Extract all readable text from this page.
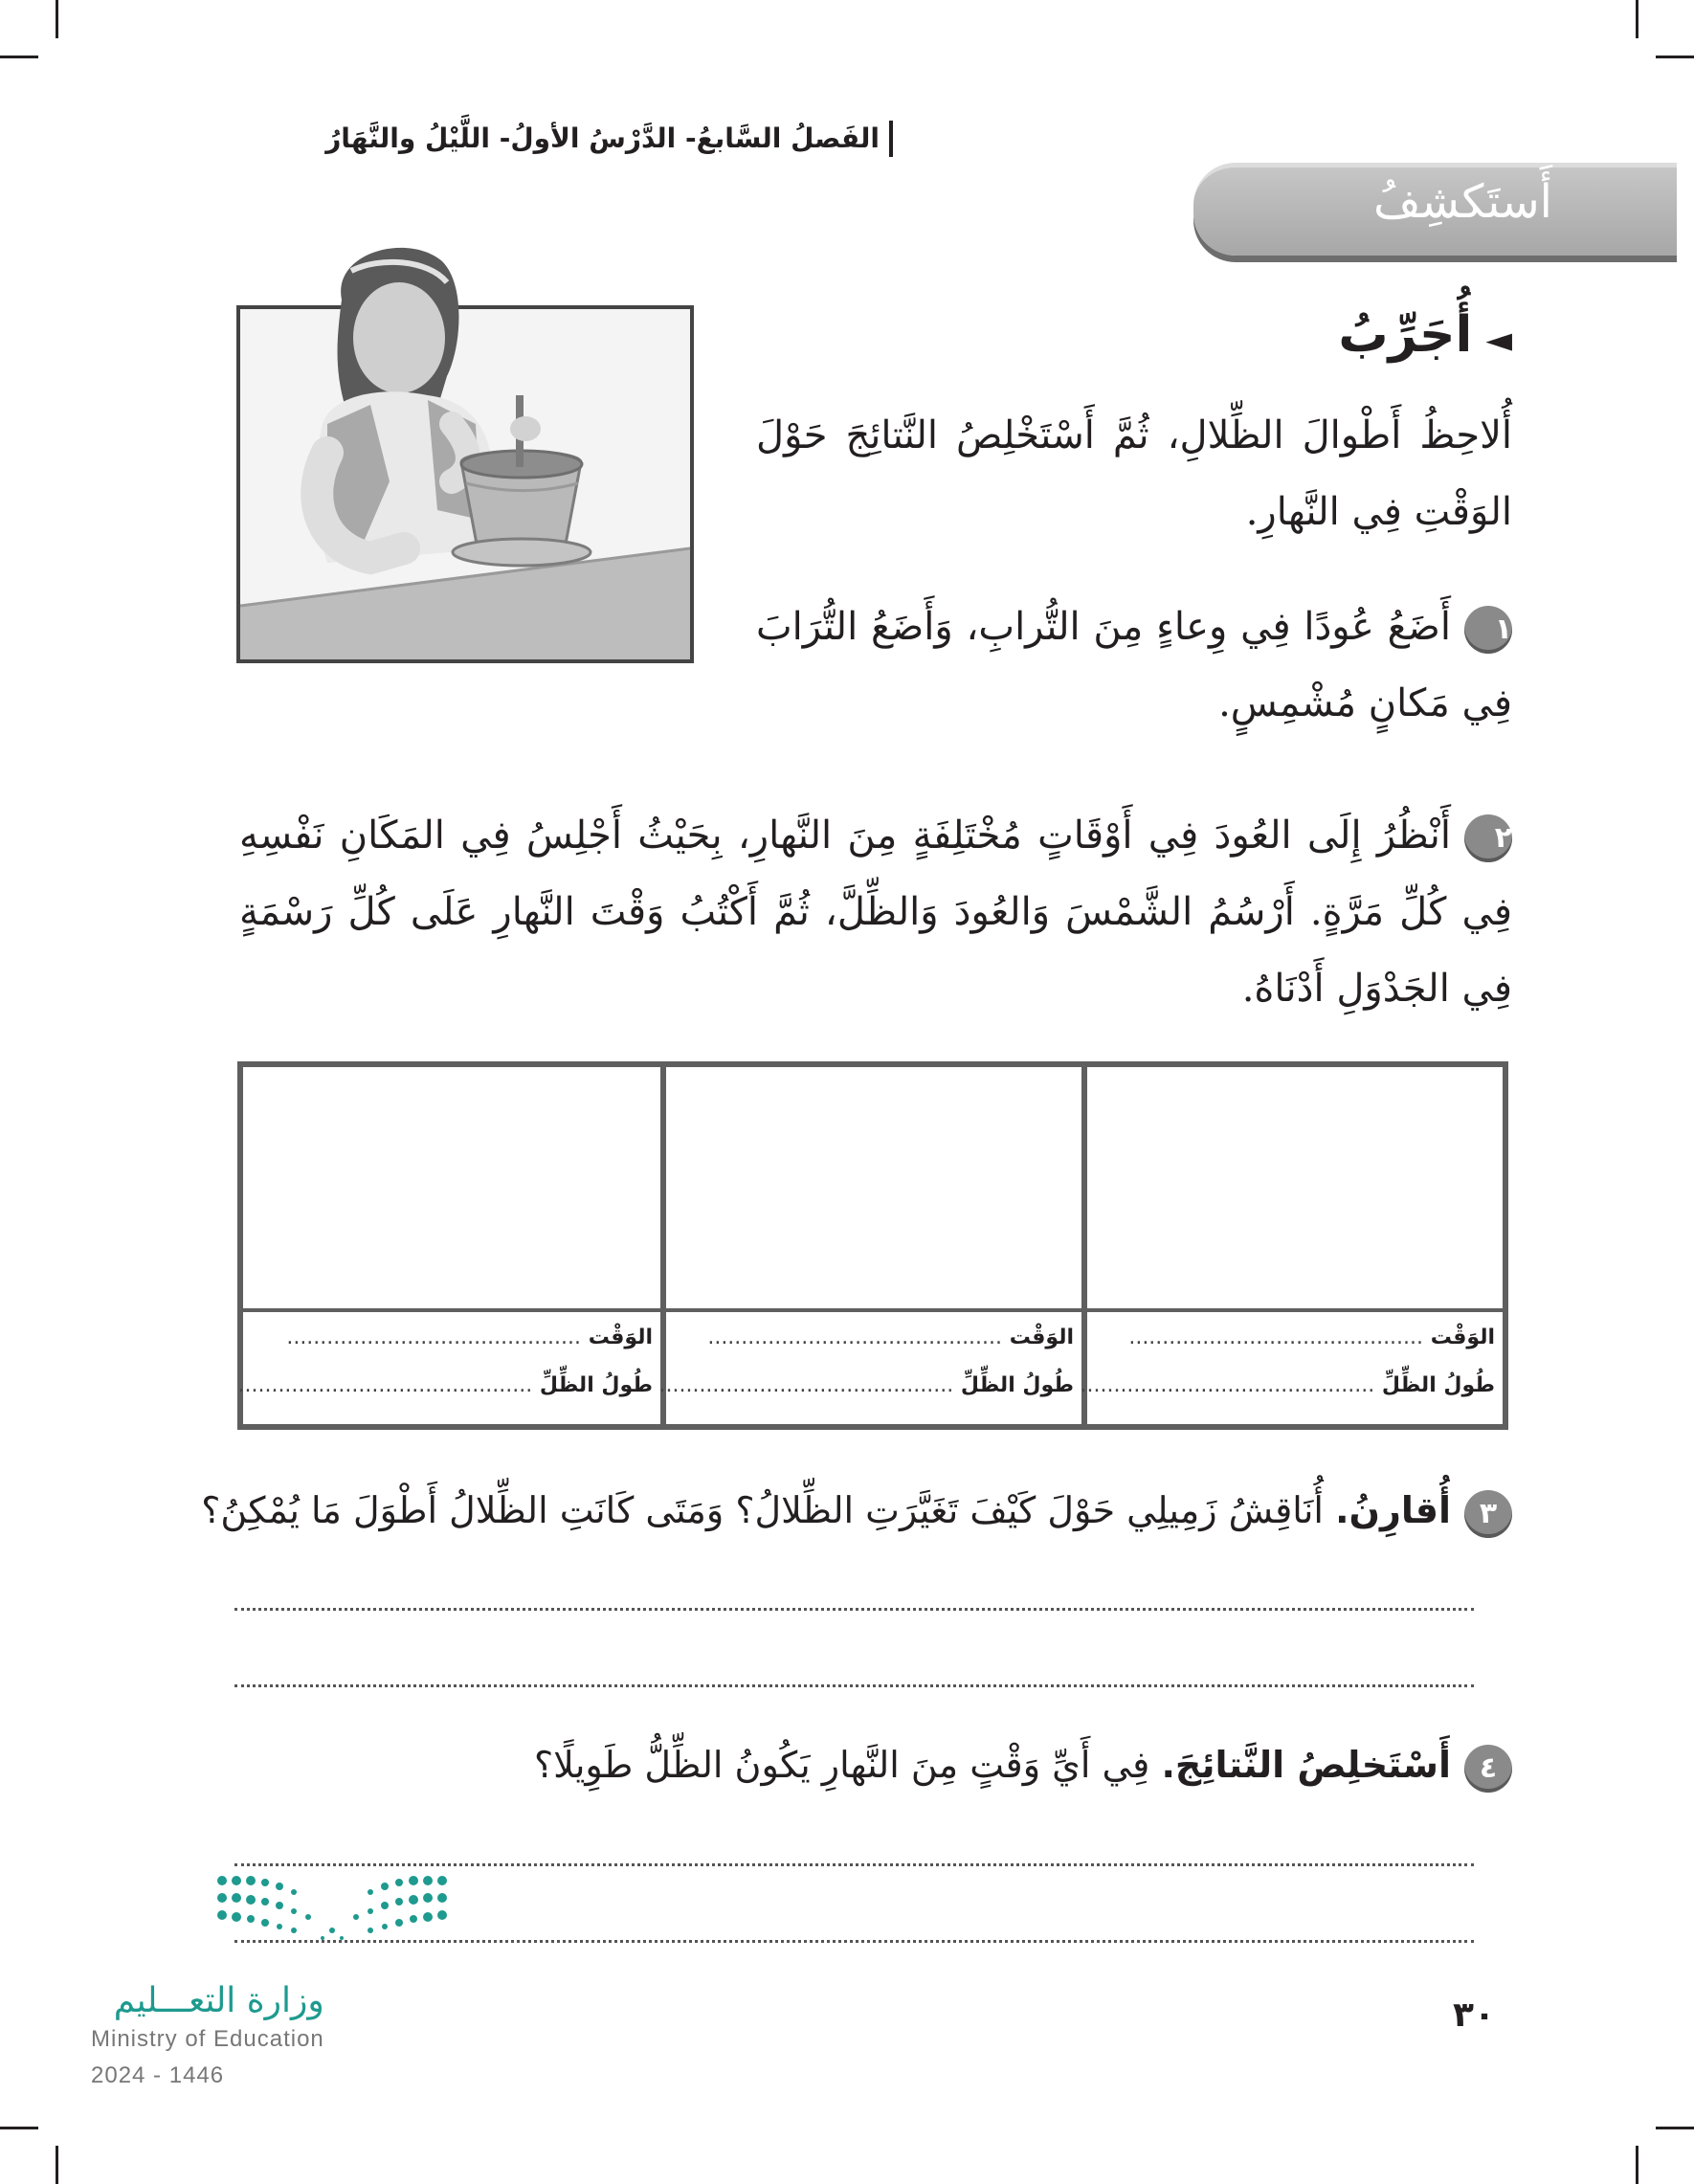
الفَصلُ السَّابعُ- الدَّرْسُ الأولُ- اللَّيْلُ والنَّهَارُ
أَستَكشِفُ
◄أُجَرِّبُ
أُلاحِظُ أَطْوالَ الظِّلالِ، ثُمَّ أَسْتَخْلِصُ النَّتائِجَ حَوْلَ الوَقْتِ فِي النَّهارِ.
١أَضَعُ عُودًا فِي وِعاءٍ مِنَ التُّرابِ، وَأَضَعُ التُّرَابَ فِي مَكانٍ مُشْمِسٍ.
٢أَنْظُرُ إِلَى العُودَ فِي أَوْقَاتٍ مُخْتَلِفَةٍ مِنَ النَّهارِ، بِحَيْثُ أَجْلِسُ فِي المَكَانِ نَفْسِهِ فِي كُلِّ مَرَّةٍ. أَرْسُمُ الشَّمْسَ وَالعُودَ وَالظِّلَّ، ثُمَّ أَكْتُبُ وَقْتَ النَّهارِ عَلَى كُلِّ رَسْمَةٍ فِي الجَدْوَلِ أَدْنَاهُ.
الوَقْت ............................................
طُولُ الظِّلِّ ............................................
الوَقْت ............................................
طُولُ الظِّلِّ ............................................
الوَقْت ............................................
طُولُ الظِّلِّ ............................................
٣أُقارِنُ. أُنَاقِشُ زَمِيلِي حَوْلَ كَيْفَ تَغَيَّرَتِ الظِّلالُ؟ وَمَتَى كَانَتِ الظِّلالُ أَطْوَلَ مَا يُمْكِنُ؟
٤أَسْتَخلِصُ النَّتائِجَ. فِي أَيِّ وَقْتٍ مِنَ النَّهارِ يَكُونُ الظِّلُّ طَوِيلًا؟
وزارة التعـــليم
Ministry of Education
2024 - 1446
٣٠
